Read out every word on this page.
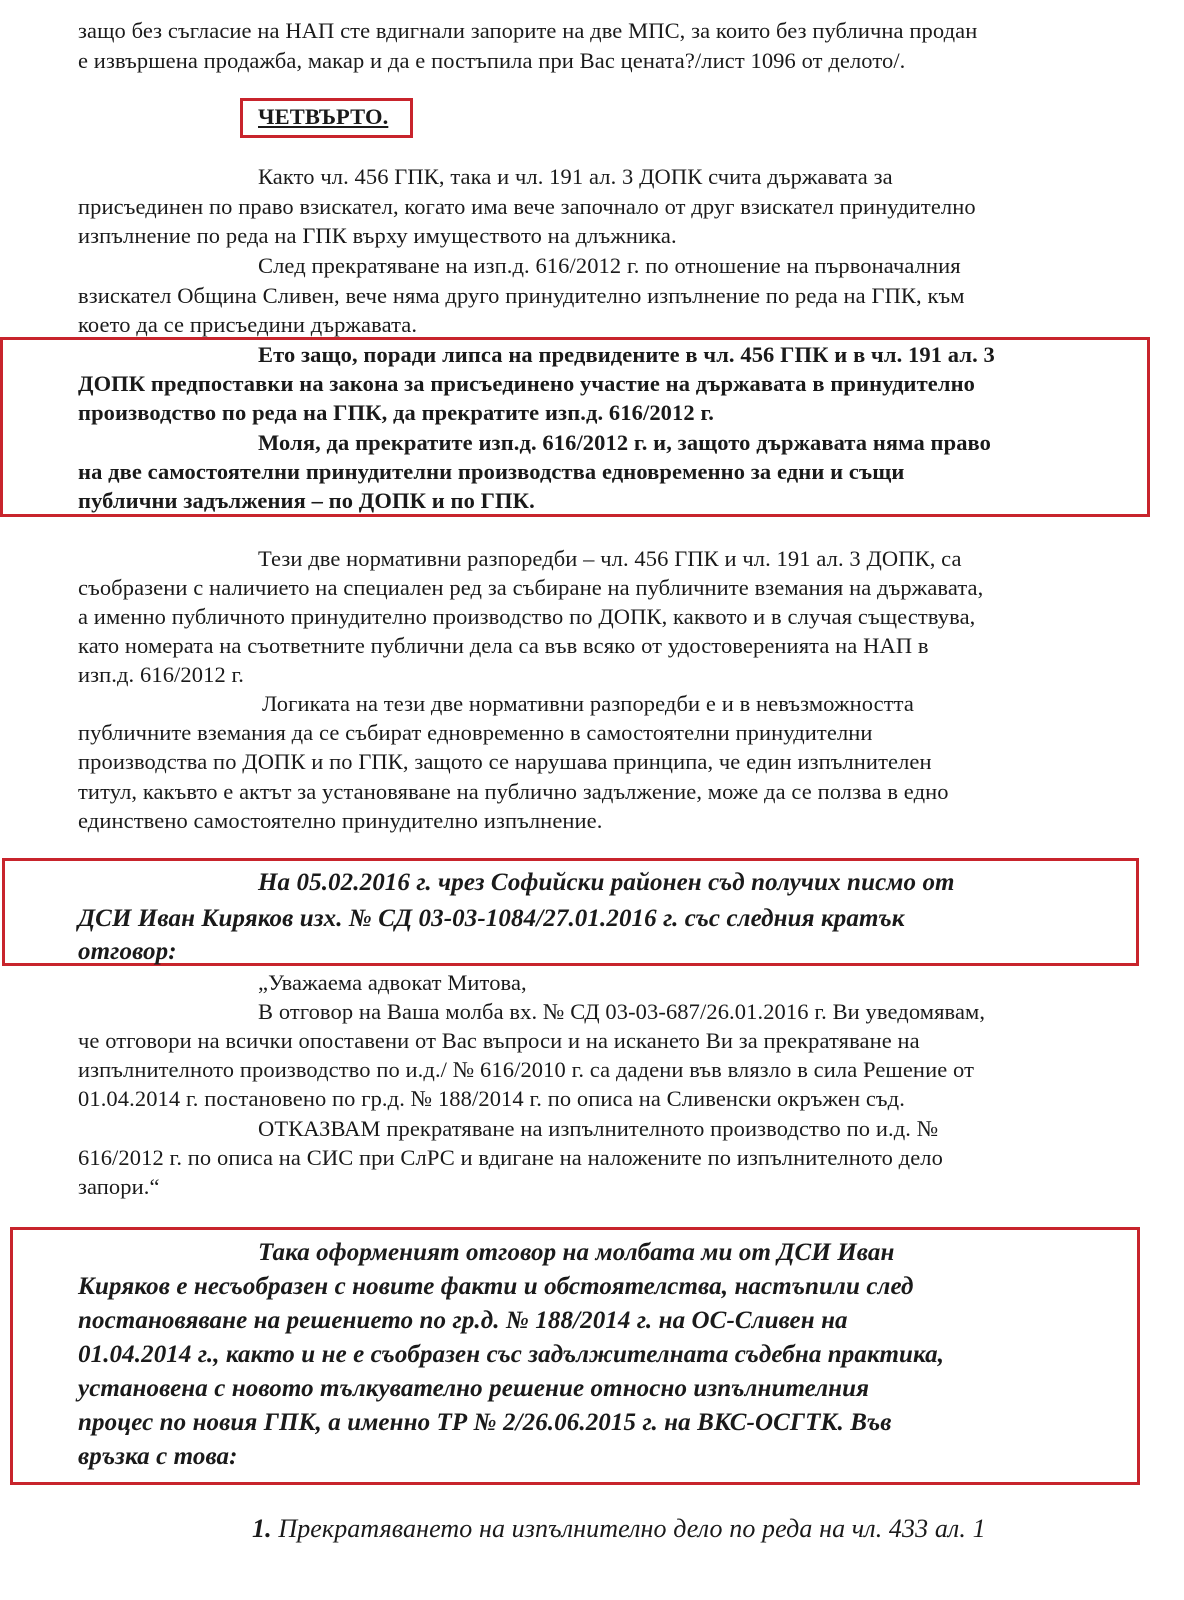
защо без съгласие на НАП сте вдигнали запорите на две МПС, за които без публична продан
е извършена продажба, макар и да е постъпила при Вас цената?/лист 1096 от делото/.
ЧЕТВЪРТО.
Както чл. 456 ГПК, така и чл. 191 ал. 3 ДОПК счита държавата за
присъединен по право взискател, когато има вече започнало от друг взискател принудително
изпълнение по реда на ГПК върху имуществото на длъжника.
След прекратяване на изп.д. 616/2012 г. по отношение на първоначалния
взискател Община Сливен, вече няма друго принудително изпълнение по реда на ГПК, към
което да се присъедини държавата.
Ето защо, поради липса на предвидените в чл. 456 ГПК и в чл. 191 ал. 3
ДОПК предпоставки на закона за присъединено участие на държавата в принудително
производство по реда на ГПК, да прекратите изп.д. 616/2012 г.
Моля, да прекратите изп.д. 616/2012 г. и, защото държавата няма право
на две самостоятелни принудителни производства едновременно за едни и същи
публични задължения – по ДОПК и по ГПК.
Тези две нормативни разпоредби – чл. 456 ГПК и чл. 191 ал. 3 ДОПК, са
съобразени с наличието на специален ред за събиране на публичните вземания на държавата,
а именно публичното принудително производство по ДОПК, каквото и в случая съществува,
като номерата на съответните публични дела са във всяко от удостоверенията на НАП в
изп.д. 616/2012 г.
Логиката на тези две нормативни разпоредби е и в невъзможността
публичните вземания да се събират едновременно в самостоятелни принудителни
производства по ДОПК и по ГПК, защото се нарушава принципа, че един изпълнителен
титул, какъвто е актът за установяване на публично задължение, може да се ползва в едно
единствено самостоятелно принудително изпълнение.
На 05.02.2016 г. чрез Софийски районен съд получих писмо от
ДСИ Иван Киряков изх. № СД 03-03-1084/27.01.2016 г. със следния кратък
отговор:
„Уважаема адвокат Митова,
В отговор на Ваша молба вх. № СД 03-03-687/26.01.2016 г. Ви уведомявам,
че отговори на всички опоставени от Вас въпроси и на искането Ви за прекратяване на
изпълнителното производство по и.д./ № 616/2010 г. са дадени във влязло в сила Решение от
01.04.2014 г. постановено по гр.д. № 188/2014 г. по описа на Сливенски окръжен съд.
ОТКАЗВАМ прекратяване на изпълнителното производство по и.д. №
616/2012 г. по описа на СИС при СлРС и вдигане на наложените по изпълнителното дело
запори.“
Така оформеният отговор на молбата ми от ДСИ Иван
Киряков е несъобразен с новите факти и обстоятелства, настъпили след
постановяване на решението по гр.д. № 188/2014 г. на ОС-Сливен на
01.04.2014 г., както и не е съобразен със задължителната съдебна практика,
установена с новото тълкувателно решение относно изпълнителния
процес по новия ГПК, а именно ТР № 2/26.06.2015 г. на ВКС-ОСГТК. Във
връзка с това:
1. Прекратяването на изпълнително дело по реда на чл. 433 ал. 1
